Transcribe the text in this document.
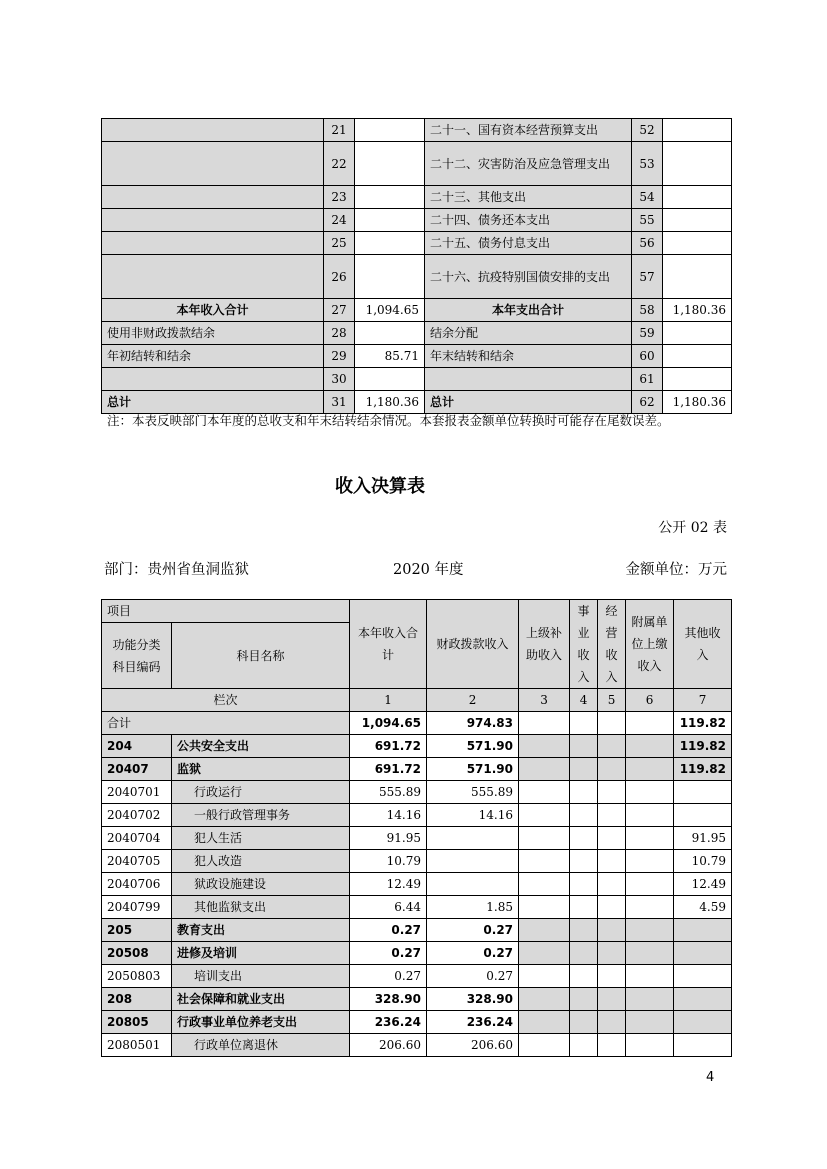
	21		二十一、国有资本经营预算支出	52	
	22		二十二、灾害防治及应急管理支出	53	
	23		二十三、其他支出	54	
	24		二十四、债务还本支出	55	
	25		二十五、债务付息支出	56	
	26		二十六、抗疫特别国债安排的支出	57	
本年收入合计	27	1,094.65	本年支出合计	58	1,180.36
使用非财政拨款结余	28		结余分配	59	
年初结转和结余	29	85.71	年末结转和结余	60	
	30			61	
总计	31	1,180.36	总计	62	1,180.36
注：本表反映部门本年度的总收支和年末结转结余情况。本套报表金额单位转换时可能存在尾数误差。
收入决算表
公开 02 表
部门：贵州省鱼洞监狱	2020 年度	金额单位：万元
项目		本年收入合计	财政拨款收入	上级补助收入	事业收入	经营收入	附属单位上缴收入	其他收入
功能分类科目编码	科目名称							
栏次		1	2	3	4	5	6	7
合计		1,094.65	974.83					119.82
204	公共安全支出	691.72	571.90					119.82
20407	监狱	691.72	571.90					119.82
2040701	行政运行	555.89	555.89					
2040702	一般行政管理事务	14.16	14.16					
2040704	犯人生活	91.95						91.95
2040705	犯人改造	10.79						10.79
2040706	狱政设施建设	12.49						12.49
2040799	其他监狱支出	6.44	1.85					4.59
205	教育支出	0.27	0.27					
20508	进修及培训	0.27	0.27					
2050803	培训支出	0.27	0.27					
208	社会保障和就业支出	328.90	328.90					
20805	行政事业单位养老支出	236.24	236.24					
2080501	行政单位离退休	206.60	206.60					
4
